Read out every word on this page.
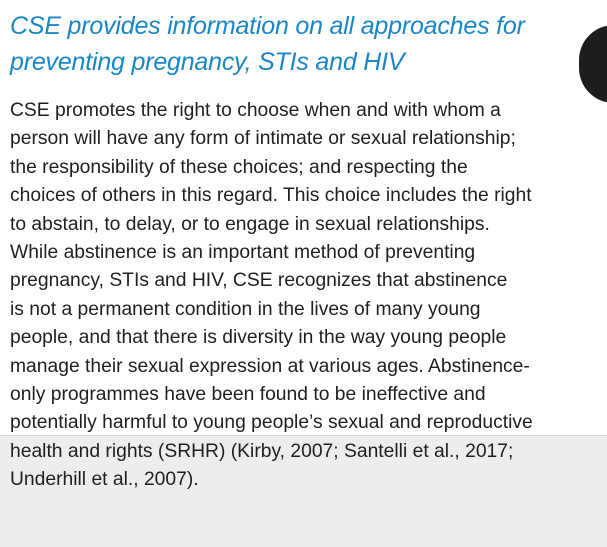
CSE provides information on all approaches for
preventing pregnancy, STIs and HIV
CSE promotes the right to choose when and with whom a
person will have any form of intimate or sexual relationship;
the responsibility of these choices; and respecting the
choices of others in this regard. This choice includes the right
to abstain, to delay, or to engage in sexual relationships.
While abstinence is an important method of preventing
pregnancy, STIs and HIV, CSE recognizes that abstinence
is not a permanent condition in the lives of many young
people, and that there is diversity in the way young people
manage their sexual expression at various ages. Abstinence-
only programmes have been found to be ineffective and
potentially harmful to young people’s sexual and reproductive
health and rights (SRHR) (Kirby, 2007; Santelli et al., 2017;
Underhill et al., 2007).
